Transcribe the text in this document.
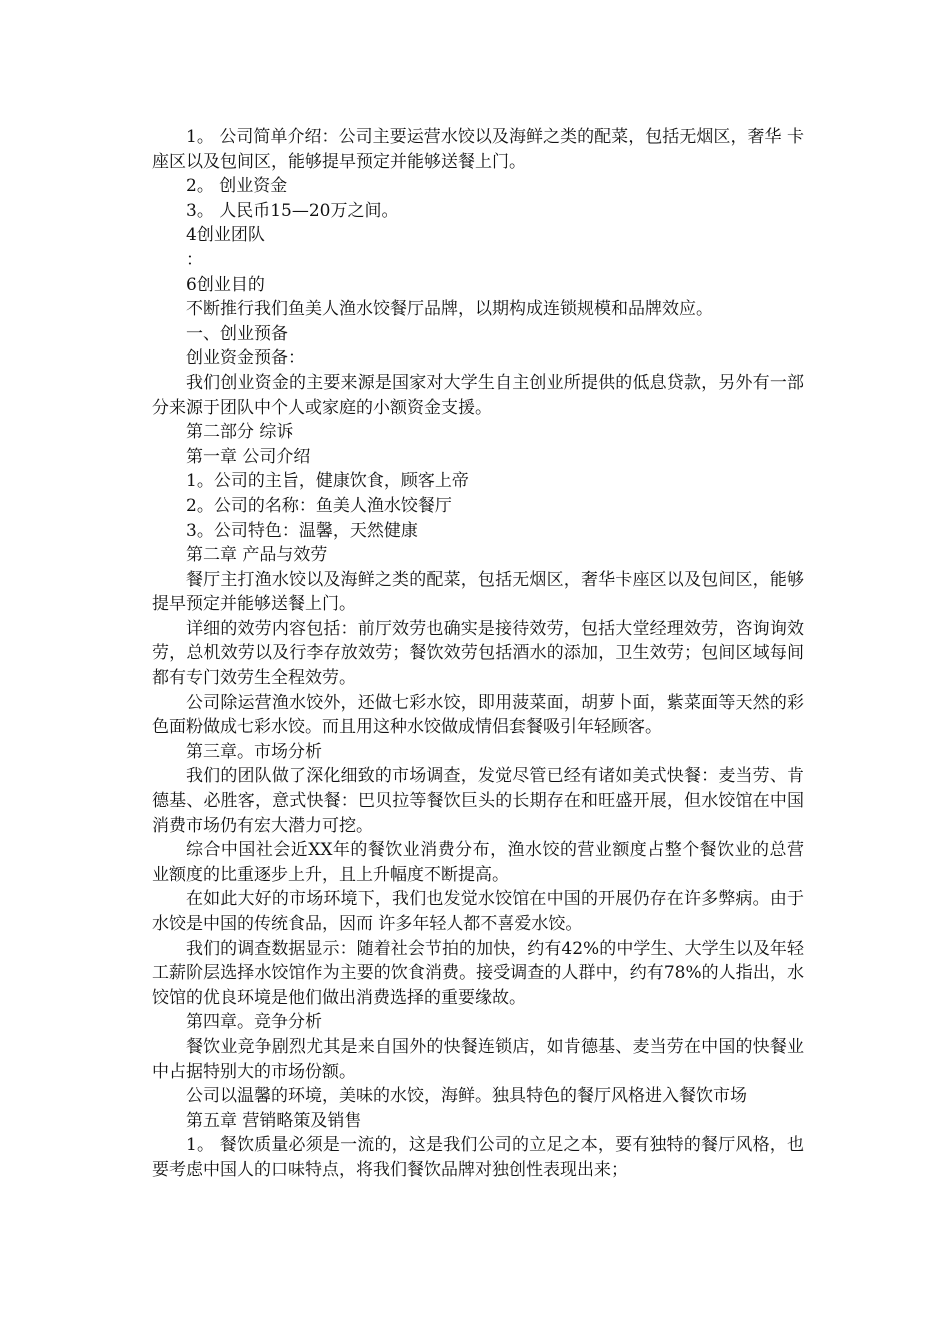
1。 公司简单介绍：公司主要运营水饺以及海鲜之类的配菜，包括无烟区，奢华 卡座区以及包间区，能够提早预定并能够送餐上门。

2。 创业资金

3。 人民币15—20万之间。

4创业团队

：

6创业目的

不断推行我们鱼美人渔水饺餐厅品牌，以期构成连锁规模和品牌效应。

一、创业预备

创业资金预备：

我们创业资金的主要来源是国家对大学生自主创业所提供的低息贷款，另外有一部分来源于团队中个人或家庭的小额资金支援。

第二部分 综诉

第一章 公司介绍

1。公司的主旨，健康饮食，顾客上帝

2。公司的名称：鱼美人渔水饺餐厅

3。公司特色：温馨，天然健康

第二章 产品与效劳

餐厅主打渔水饺以及海鲜之类的配菜，包括无烟区，奢华卡座区以及包间区，能够提早预定并能够送餐上门。

详细的效劳内容包括：前厅效劳也确实是接待效劳，包括大堂经理效劳，咨询询效劳，总机效劳以及行李存放效劳；餐饮效劳包括酒水的添加，卫生效劳；包间区域每间都有专门效劳生全程效劳。

公司除运营渔水饺外，还做七彩水饺，即用菠菜面，胡萝卜面，紫菜面等天然的彩色面粉做成七彩水饺。而且用这种水饺做成情侣套餐吸引年轻顾客。

第三章。市场分析

我们的团队做了深化细致的市场调查，发觉尽管已经有诸如美式快餐：麦当劳、肯德基、必胜客，意式快餐：巴贝拉等餐饮巨头的长期存在和旺盛开展，但水饺馆在中国消费市场仍有宏大潜力可挖。

综合中国社会近XX年的餐饮业消费分布，渔水饺的营业额度占整个餐饮业的总营业额度的比重逐步上升，且上升幅度不断提高。

在如此大好的市场环境下，我们也发觉水饺馆在中国的开展仍存在许多弊病。由于水饺是中国的传统食品，因而 许多年轻人都不喜爱水饺。

我们的调查数据显示：随着社会节拍的加快，约有42%的中学生、大学生以及年轻工薪阶层选择水饺馆作为主要的饮食消费。接受调查的人群中，约有78%的人指出，水饺馆的优良环境是他们做出消费选择的重要缘故。

第四章。竞争分析

餐饮业竞争剧烈尤其是来自国外的快餐连锁店，如肯德基、麦当劳在中国的快餐业中占据特别大的市场份额。

公司以温馨的环境，美味的水饺，海鲜。独具特色的餐厅风格进入餐饮市场

第五章 营销略策及销售

1。 餐饮质量必须是一流的，这是我们公司的立足之本，要有独特的餐厅风格，也要考虑中国人的口味特点，将我们餐饮品牌对独创性表现出来；
